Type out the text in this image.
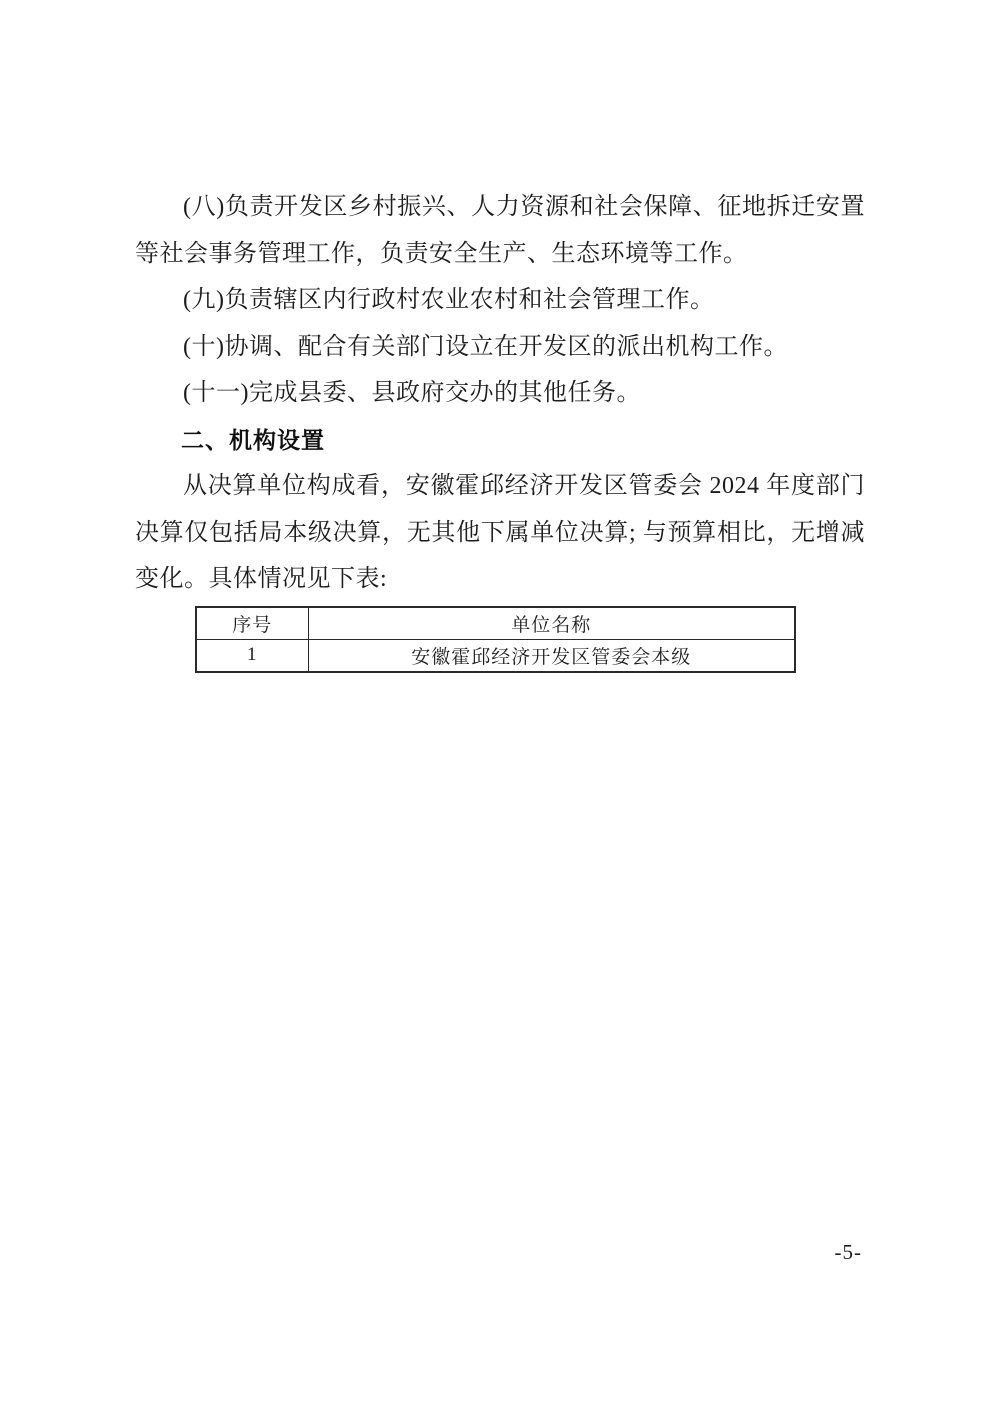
(八)负责开发区乡村振兴、人力资源和社会保障、征地拆迁安置等社会事务管理工作，负责安全生产、生态环境等工作。

(九)负责辖区内行政村农业农村和社会管理工作。

(十)协调、配合有关部门设立在开发区的派出机构工作。

(十一)完成县委、县政府交办的其他任务。

二、机构设置

从决算单位构成看，安徽霍邱经济开发区管委会 2024 年度部门决算仅包括局本级决算，无其他下属单位决算; 与预算相比，无增减变化。具体情况见下表:

序号	单位名称
1	安徽霍邱经济开发区管委会本级
-5-
